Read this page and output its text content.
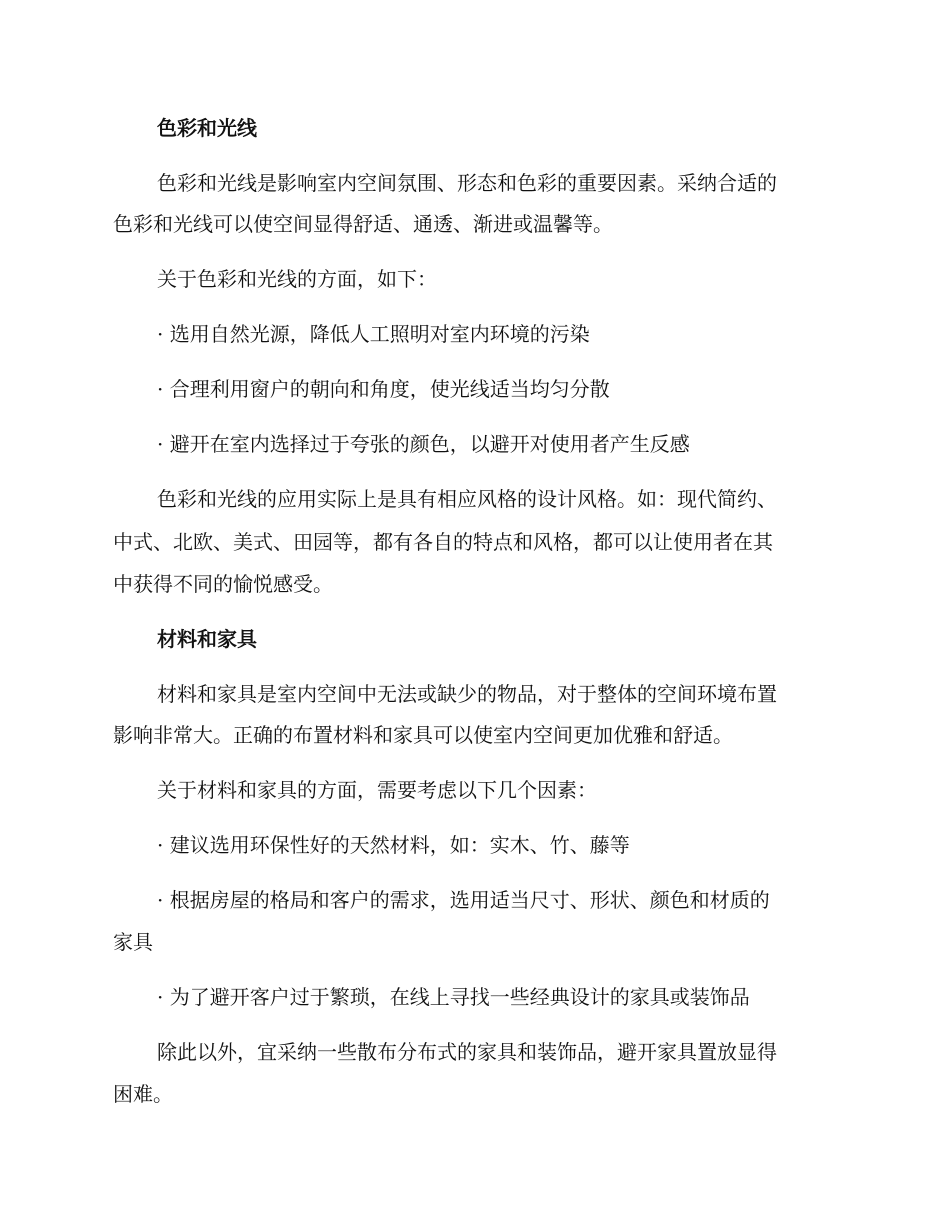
色彩和光线
色彩和光线是影响室内空间氛围、形态和色彩的重要因素。采纳合适的
色彩和光线可以使空间显得舒适、通透、渐进或温馨等。
关于色彩和光线的方面，如下：
· 选用自然光源，降低人工照明对室内环境的污染
· 合理利用窗户的朝向和角度，使光线适当均匀分散
· 避开在室内选择过于夸张的颜色，以避开对使用者产生反感
色彩和光线的应用实际上是具有相应风格的设计风格。如：现代简约、
中式、北欧、美式、田园等，都有各自的特点和风格，都可以让使用者在其
中获得不同的愉悦感受。
材料和家具
材料和家具是室内空间中无法或缺少的物品，对于整体的空间环境布置
影响非常大。正确的布置材料和家具可以使室内空间更加优雅和舒适。
关于材料和家具的方面，需要考虑以下几个因素：
· 建议选用环保性好的天然材料，如：实木、竹、藤等
· 根据房屋的格局和客户的需求，选用适当尺寸、形状、颜色和材质的
家具
· 为了避开客户过于繁琐，在线上寻找一些经典设计的家具或装饰品
除此以外，宜采纳一些散布分布式的家具和装饰品，避开家具置放显得
困难。
